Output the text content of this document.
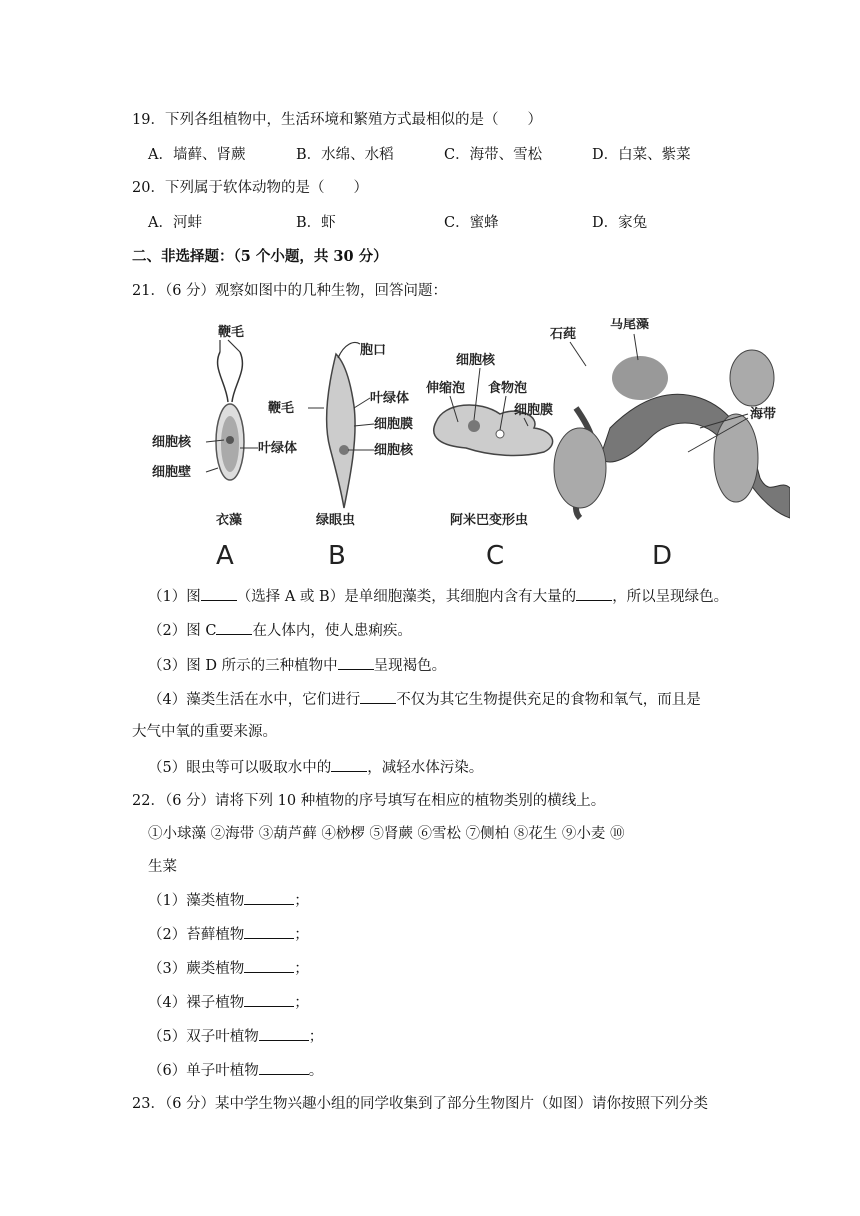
19．下列各组植物中，生活环境和繁殖方式最相似的是（　　）
A．墙藓、肾蕨	B．水绵、水稻	C．海带、雪松	D．白菜、紫菜
20．下列属于软体动物的是（　　）
A．河蚌	B．虾	C．蜜蜂	D．家兔
二、非选择题：（5 个小题，共 30 分）
21．（6 分）观察如图中的几种生物，回答问题：
鞭毛
细胞核	叶绿体
细胞壁
胞口
鞭毛
叶绿体
细胞膜
细胞核
细胞核
伸缩泡 食物泡
细胞膜
石莼
马尾藻
海带
衣藻	绿眼虫	阿米巴变形虫
A	B	C	D
（1）图 （选择 A 或 B）是单细胞藻类，其细胞内含有大量的 ，所以呈现绿色。
（2）图 C 在人体内，使人患痢疾。
（3）图 D 所示的三种植物中 呈现褐色。
（4）藻类生活在水中，它们进行 不仅为其它生物提供充足的食物和氧气，而且是
大气中氧的重要来源。
（5）眼虫等可以吸取水中的 ，减轻水体污染。
22．（6 分）请将下列 10 种植物的序号填写在相应的植物类别的横线上。
①小球藻 ②海带 ③葫芦藓 ④桫椤 ⑤肾蕨 ⑥雪松 ⑦侧柏 ⑧花生 ⑨小麦 ⑩
生菜
（1）藻类植物	；
（2）苔藓植物	；
（3）蕨类植物	；
（4）裸子植物	；
（5）双子叶植物	；
（6）单子叶植物	。
23．（6 分）某中学生物兴趣小组的同学收集到了部分生物图片（如图）请你按照下列分类
